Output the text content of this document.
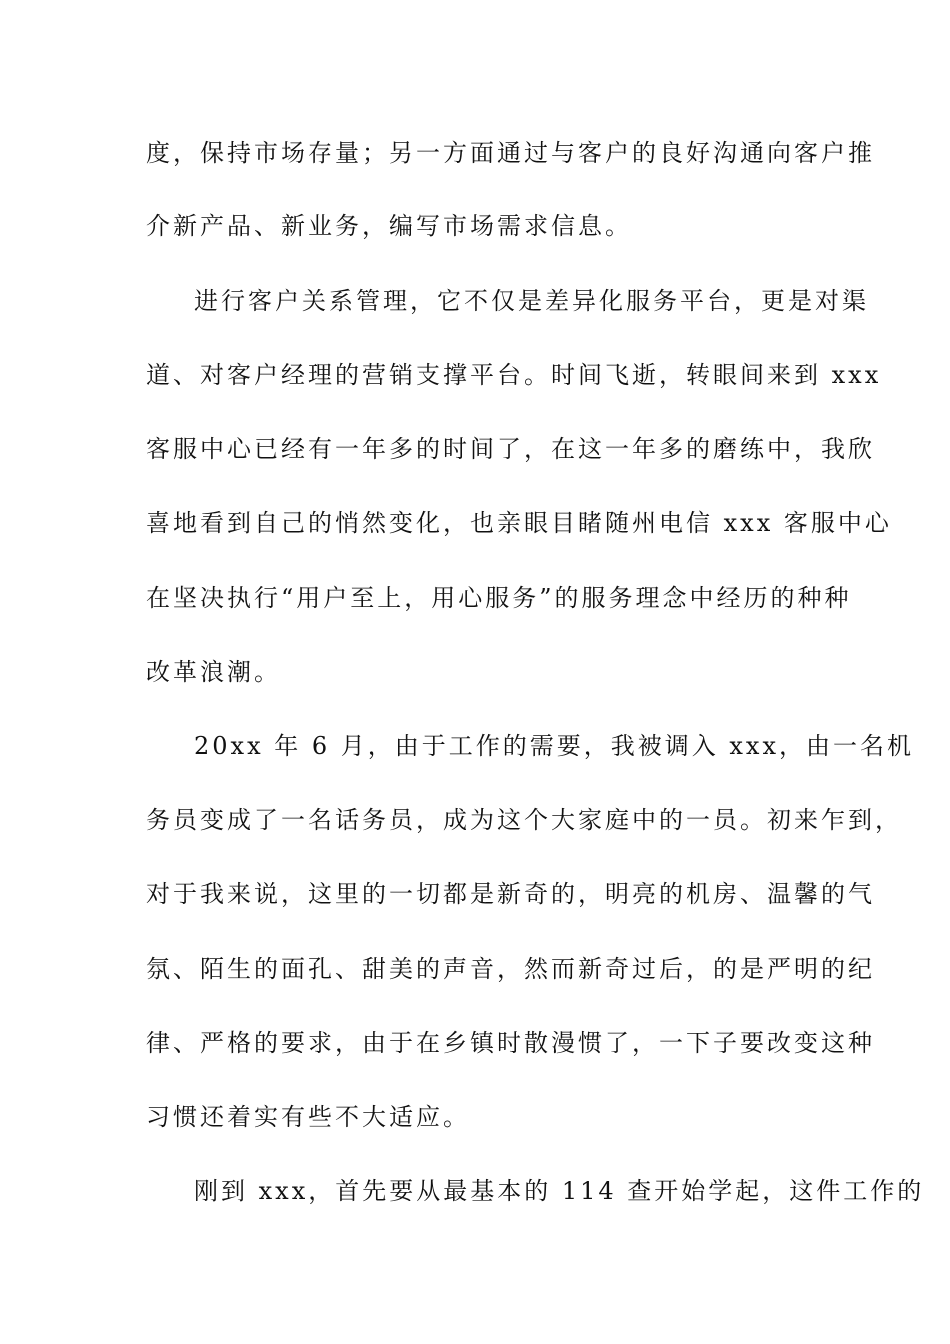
度，保持市场存量；另一方面通过与客户的良好沟通向客户推
介新产品、新业务，编写市场需求信息。
进行客户关系管理，它不仅是差异化服务平台，更是对渠
道、对客户经理的营销支撑平台。时间飞逝，转眼间来到 xxx
客服中心已经有一年多的时间了，在这一年多的磨练中，我欣
喜地看到自己的悄然变化，也亲眼目睹随州电信 xxx 客服中心
在坚决执行“用户至上，用心服务”的服务理念中经历的种种
改革浪潮。
20xx 年 6 月，由于工作的需要，我被调入 xxx，由一名机
务员变成了一名话务员，成为这个大家庭中的一员。初来乍到，
对于我来说，这里的一切都是新奇的，明亮的机房、温馨的气
氛、陌生的面孔、甜美的声音，然而新奇过后，的是严明的纪
律、严格的要求，由于在乡镇时散漫惯了，一下子要改变这种
习惯还着实有些不大适应。
刚到 xxx，首先要从最基本的 114 查开始学起，这件工作的
